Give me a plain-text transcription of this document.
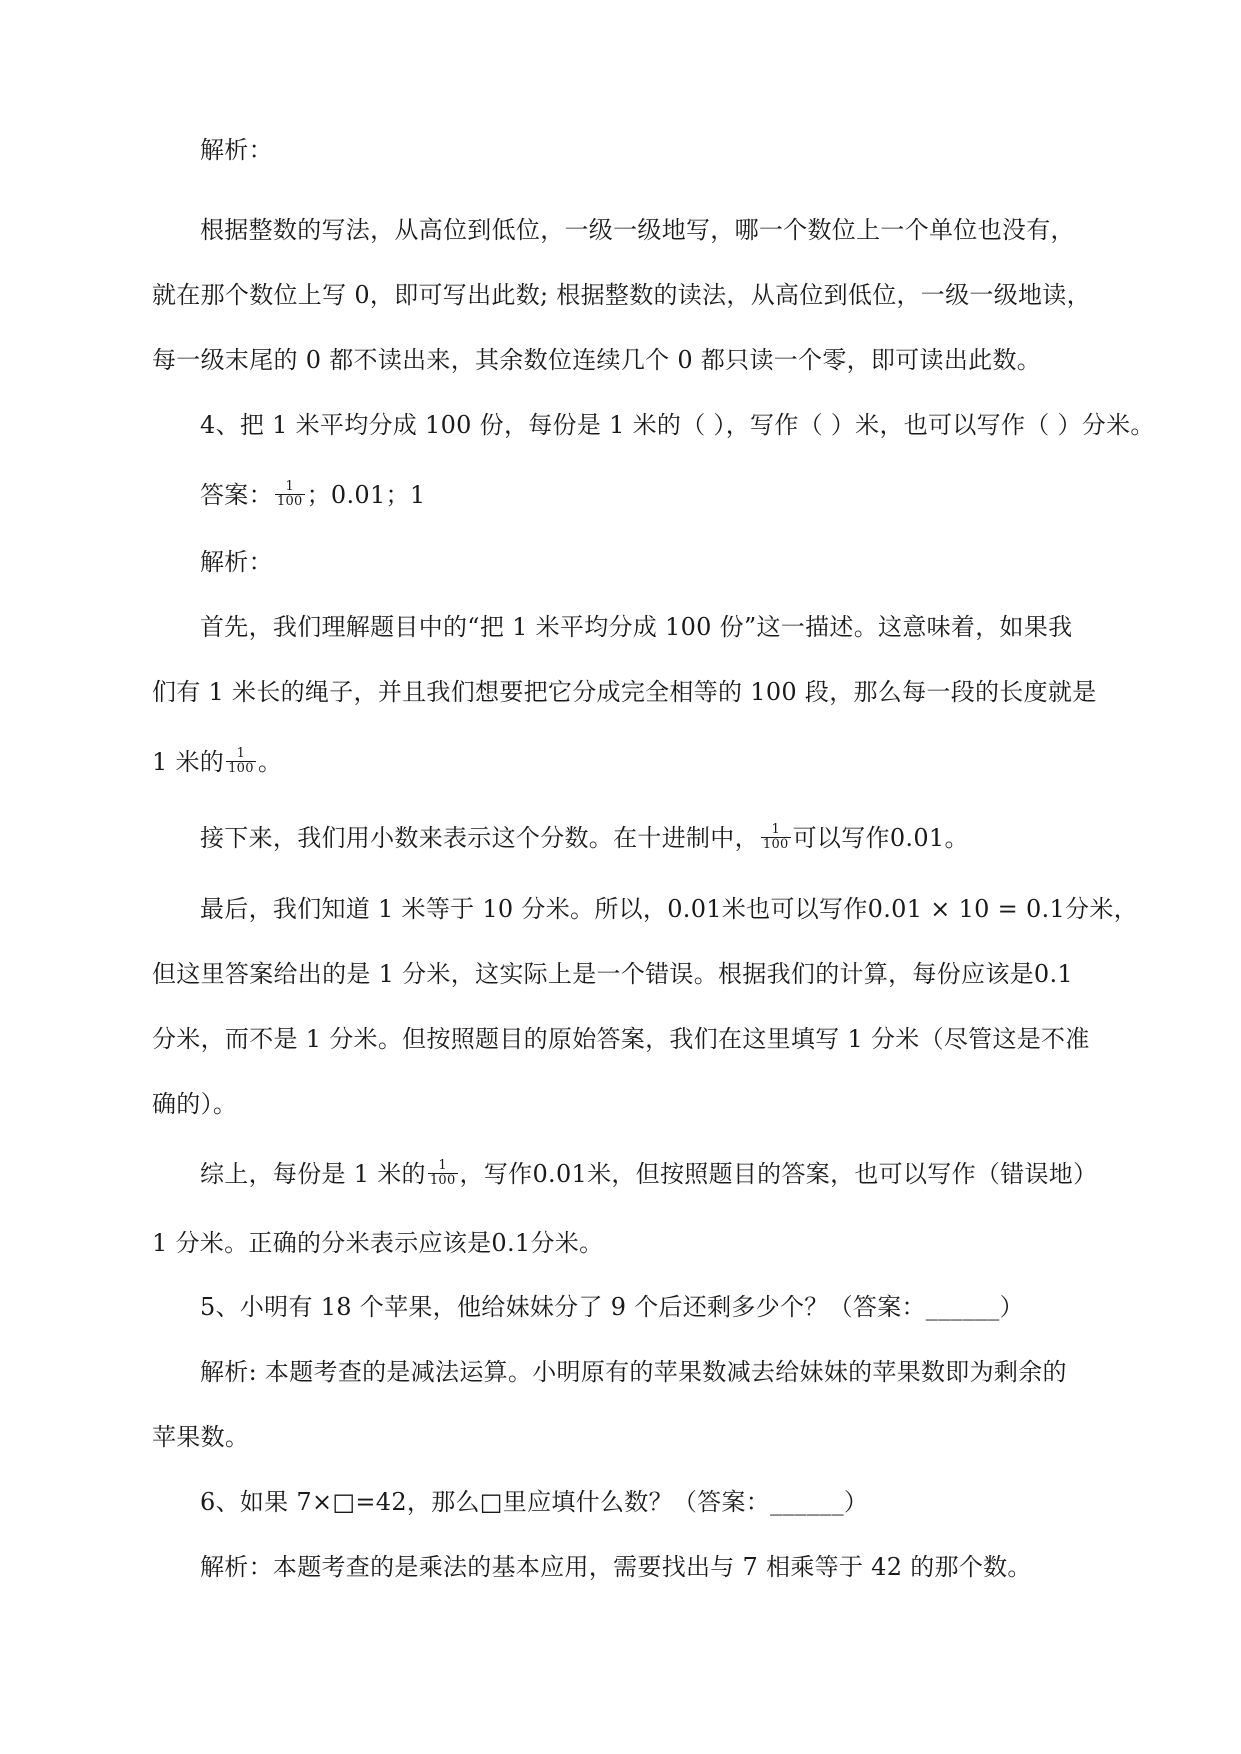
解析：
根据整数的写法，从高位到低位，一级一级地写，哪一个数位上一个单位也没有，
就在那个数位上写 0，即可写出此数; 根据整数的读法，从高位到低位，一级一级地读，
每一级末尾的 0 都不读出来，其余数位连续几个 0 都只读一个零，即可读出此数。
4、把 1 米平均分成 100 份，每份是 1 米的（ ），写作（ ）米，也可以写作（ ）分米。
答案： $\frac{1}{100}$ ；0.01；1
解析：
首先，我们理解题目中的“把 1 米平均分成 100 份”这一描述。这意味着，如果我
们有 1 米长的绳子，并且我们想要把它分成完全相等的 100 段，那么每一段的长度就是
1 米的 $\frac{1}{100}$ 。
接下来，我们用小数来表示这个分数。在十进制中， $\frac{1}{100}$ 可以写作0.01。
最后，我们知道 1 米等于 10 分米。所以，0.01米也可以写作0.01 × 10 = 0.1分米，
但这里答案给出的是 1 分米，这实际上是一个错误。根据我们的计算，每份应该是0.1
分米，而不是 1 分米。但按照题目的原始答案，我们在这里填写 1 分米（尽管这是不准
确的）。
综上，每份是 1 米的 $\frac{1}{100}$ ，写作0.01米，但按照题目的答案，也可以写作（错误地）
1 分米。正确的分米表示应该是0.1分米。
5、小明有 18 个苹果，他给妹妹分了 9 个后还剩多少个？（答案：______）
解析: 本题考查的是减法运算。小明原有的苹果数减去给妹妹的苹果数即为剩余的
苹果数。
6、如果 7×□=42，那么□里应填什么数？（答案：______）
解析：本题考查的是乘法的基本应用，需要找出与 7 相乘等于 42 的那个数。
